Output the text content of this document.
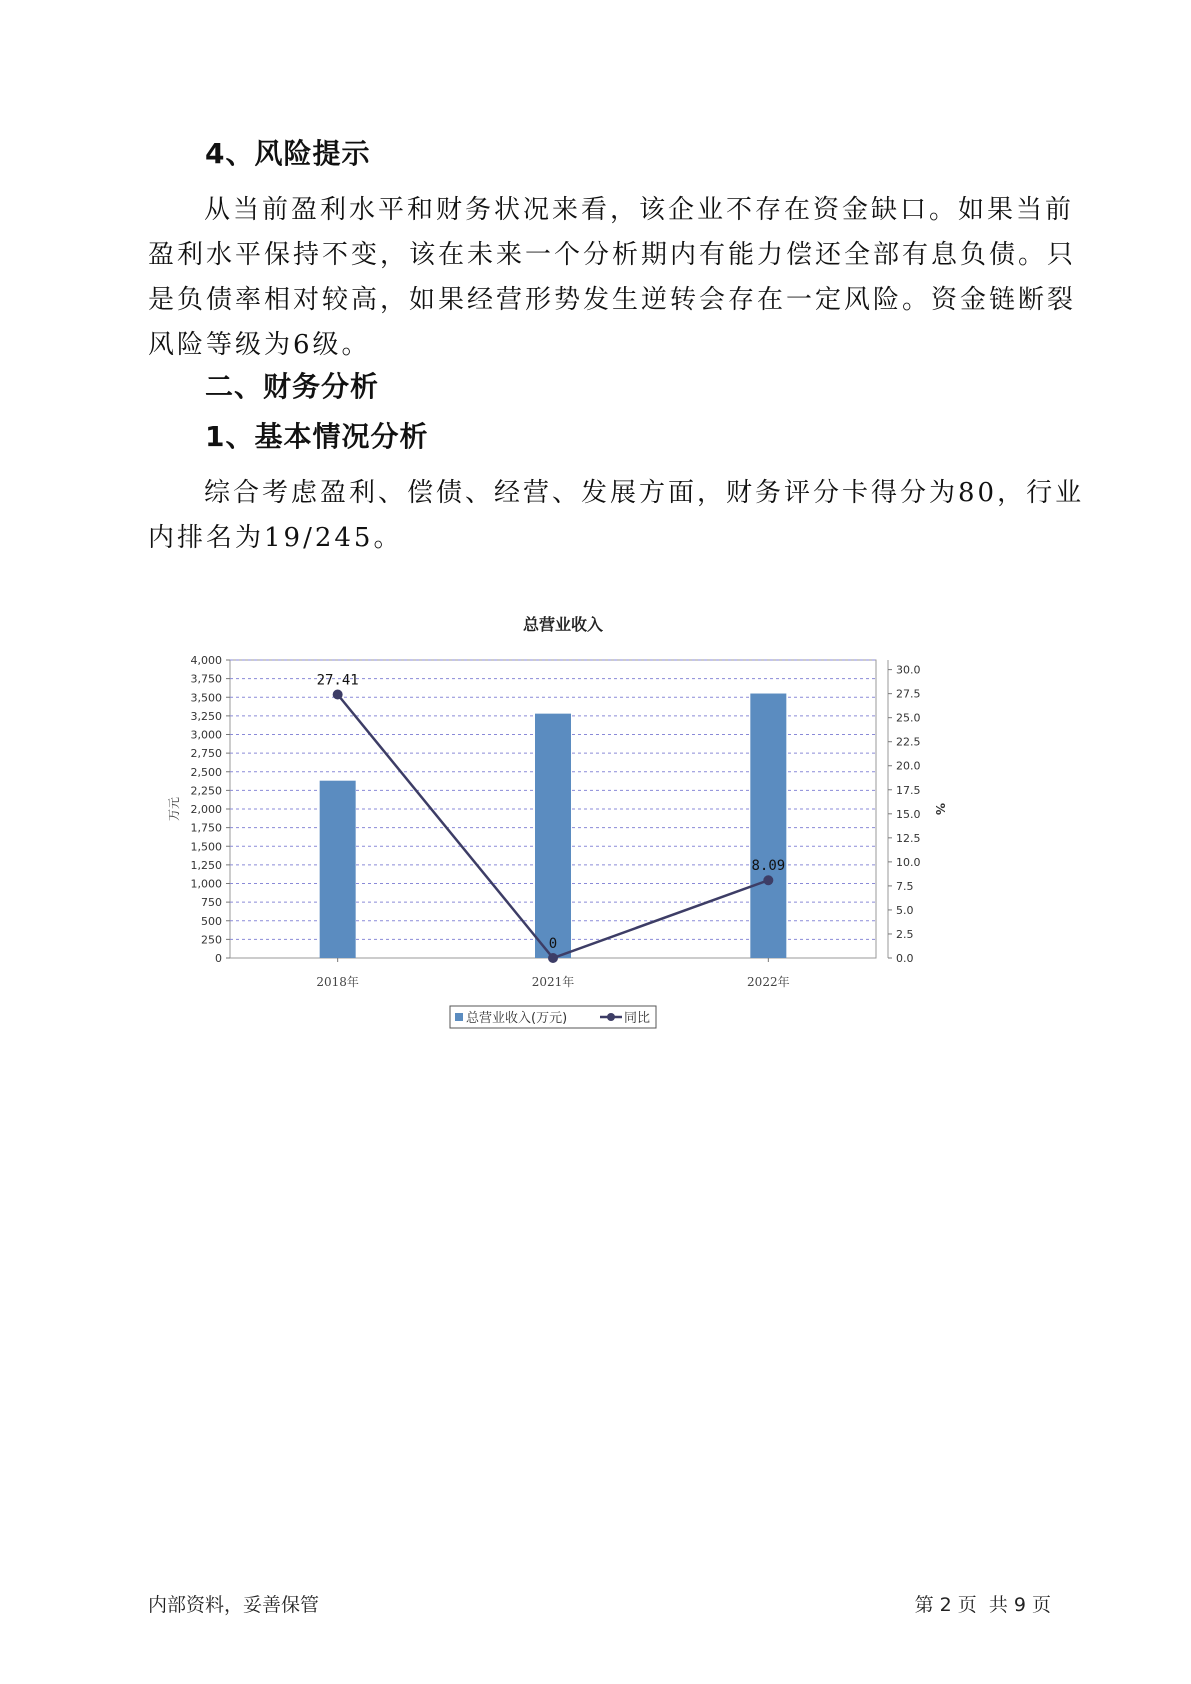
4、风险提示

从当前盈利水平和财务状况来看，该企业不存在资金缺口。如果当前
盈利水平保持不变，该在未来一个分析期内有能力偿还全部有息负债。只
是负债率相对较高，如果经营形势发生逆转会存在一定风险。资金链断裂
风险等级为6级。

二、财务分析
1、基本情况分析

综合考虑盈利、偿债、经营、发展方面，财务评分卡得分为80，行业
内排名为19/245。

总营业收入
0
250
500
750
1,000
1,250
1,500
1,750
2,000
2,250
2,500
2,750
3,000
3,250
3,500
3,750
4,000
万元
0.0
2.5
5.0
7.5
10.0
12.5
15.0
17.5
20.0
22.5
25.0
27.5
30.0
%
2018年	2021年	2022年
27.41
0
8.09
总营业收入(万元)	同比
内部资料，妥善保管	第 2 页  共 9 页
